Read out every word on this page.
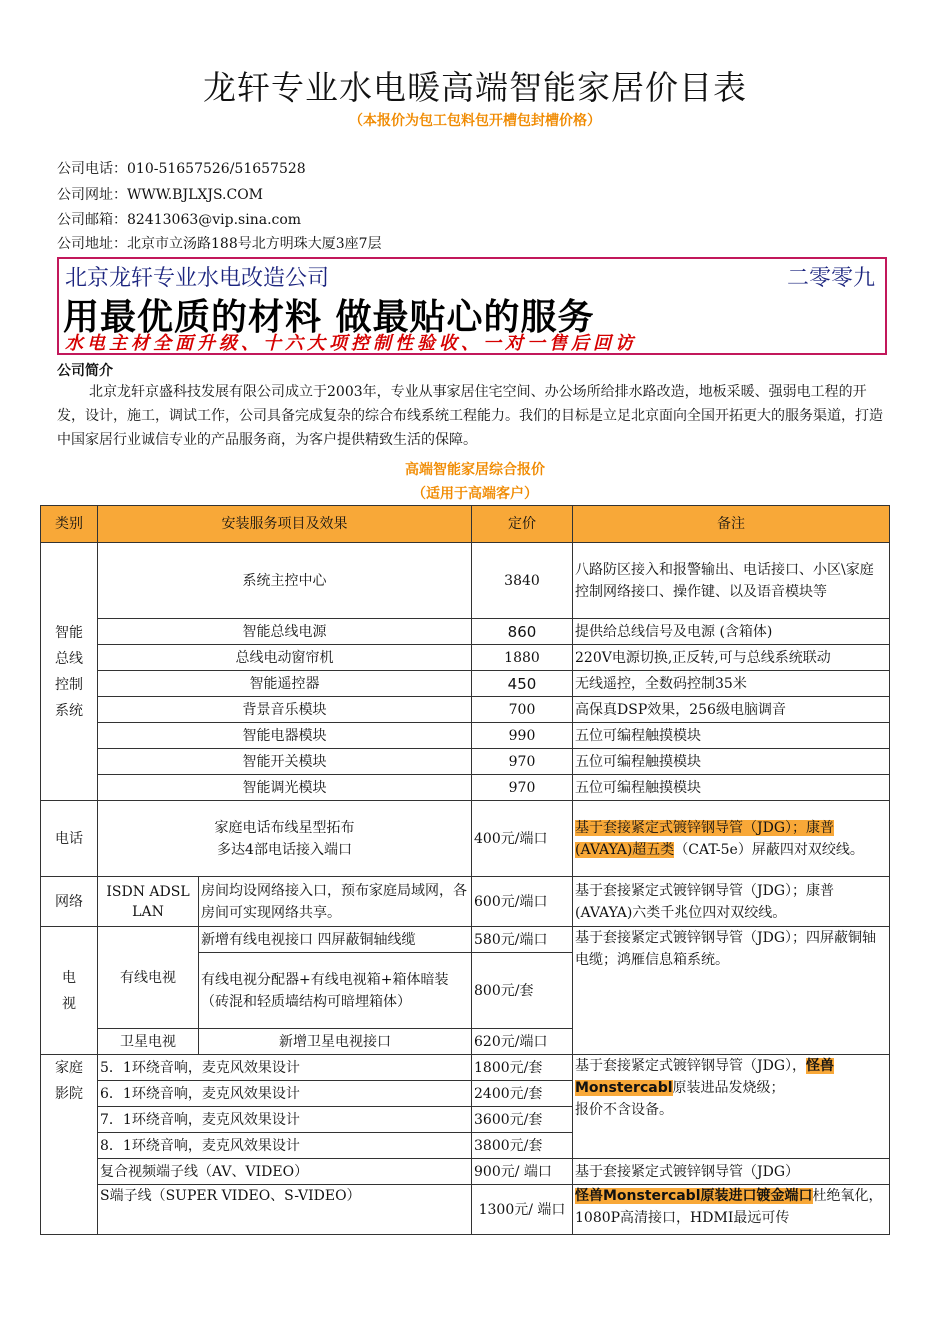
龙轩专业水电暖高端智能家居价目表
（本报价为包工包料包开槽包封槽价格）
公司电话：010-51657526/51657528
公司网址：WWW.BJLXJS.COM
公司邮箱：82413063@vip.sina.com
公司地址：北京市立汤路188号北方明珠大厦3座7层
北京龙轩专业水电改造公司	二零零九
用最优质的材料 做最贴心的服务
水电主材全面升级、十六大项控制性验收、一对一售后回访
公司简介
北京龙轩京盛科技发展有限公司成立于2003年，专业从事家居住宅空间、办公场所给排水路改造，地板采暖、强弱电工程的开发，设计，施工，调试工作，公司具备完成复杂的综合布线系统工程能力。我们的目标是立足北京面向全国开拓更大的服务渠道，打造中国家居行业诚信专业的产品服务商，为客户提供精致生活的保障。
高端智能家居综合报价
（适用于高端客户）
类别	安装服务项目及效果		定价	备注
智能
总线
控制
系统	系统主控中心		3840	八路防区接入和报警输出、电话接口、小区\家庭控制网络接口、操作键、以及语音模块等
	智能总线电源		860	提供给总线信号及电源 (含箱体)
	总线电动窗帘机		1880	220V电源切换,正反转,可与总线系统联动
	智能遥控器		450	无线遥控，全数码控制35米
	背景音乐模块		700	高保真DSP效果，256级电脑调音
	智能电器模块		990	五位可编程触摸模块
	智能开关模块		970	五位可编程触摸模块
	智能调光模块		970	五位可编程触摸模块
电话	家庭电话布线星型拓布
多达4部电话接入端口		400元/端口	基于套接紧定式镀锌钢导管（JDG）；康普(AVAYA)超五类（CAT-5e）屏蔽四对双绞线。
网络	ISDN ADSL LAN	房间均设网络接入口，预布家庭局域网，各房间可实现网络共享。	600元/端口	基于套接紧定式镀锌钢导管（JDG）；康普(AVAYA)六类千兆位四对双绞线。
电
视	有线电视	新增有线电视接口 四屏蔽铜轴线缆	580元/端口	基于套接紧定式镀锌钢导管（JDG）；四屏蔽铜轴电缆；鸿雁信息箱系统。

		有线电视分配器+有线电视箱+箱体暗装
（砖混和轻质墙结构可暗埋箱体）	800元/套	
	卫星电视	新增卫星电视接口	620元/端口	
家庭
影院	5．1环绕音响，麦克风效果设计		1800元/套	基于套接紧定式镀锌钢导管（JDG），怪兽Monstercabl原装进品发烧级；
报价不含设备。

	6．1环绕音响，麦克风效果设计		2400元/套	
	7．1环绕音响，麦克风效果设计		3600元/套	
	8．1环绕音响，麦克风效果设计		3800元/套	
	复合视频端子线（AV、VIDEO）		900元/ 端口	基于套接紧定式镀锌钢导管（JDG）
	S端子线（SUPER VIDEO、S-VIDEO）		1300元/ 端口	怪兽Monstercabl原装进口镀金端口杜绝氧化，1080P高清接口，HDMI最远可传
